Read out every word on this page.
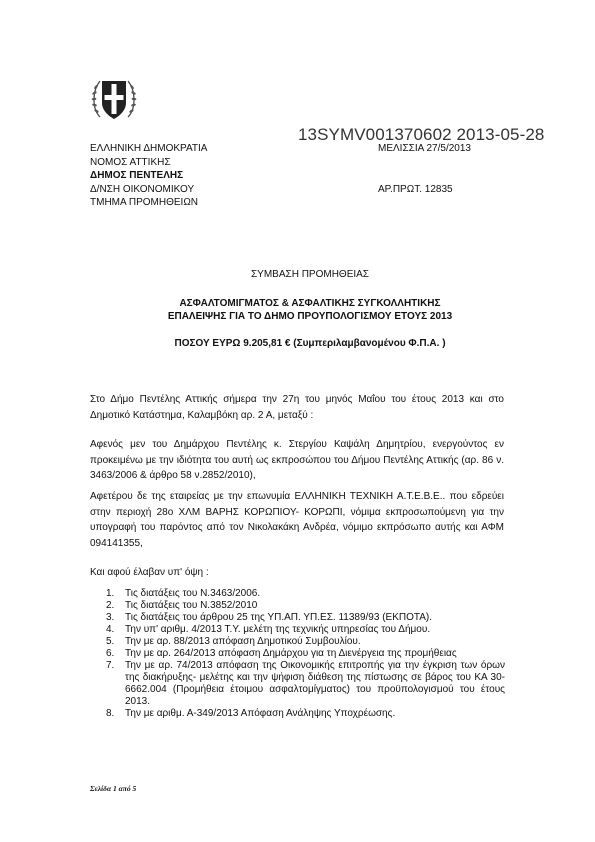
13SYMV001370602 2013-05-28
ΕΛΛΗΝΙΚΗ ΔΗΜΟΚΡΑΤΙΑ
ΝΟΜΟΣ ΑΤΤΙΚΗΣ
ΔΗΜΟΣ ΠΕΝΤΕΛΗΣ
Δ/ΝΣΗ ΟΙΚΟΝΟΜΙΚΟΥ
ΤΜΗΜΑ ΠΡΟΜΗΘΕΙΩΝ
ΜΕΛΙΣΣΙΑ 27/5/2013
ΑΡ.ΠΡΩΤ. 12835
ΣΥΜΒΑΣΗ ΠΡΟΜΗΘΕΙΑΣ
ΑΣΦΑΛΤΟΜΙΓΜΑΤΟΣ & ΑΣΦΑΛΤΙΚΗΣ ΣΥΓΚΟΛΛΗΤΙΚΗΣ
ΕΠΑΛΕΙΨΗΣ ΓΙΑ ΤΟ ΔΗΜΟ ΠΡΟΥΠΟΛΟΓΙΣΜΟΥ ΕΤΟΥΣ 2013
ΠΟΣΟΥ ΕΥΡΩ 9.205,81 € (Συμπεριλαμβανομένου Φ.Π.Α. )
Στο Δήμο Πεντέλης Αττικής σήμερα την 27η του μηνός Μαΐου του έτους 2013 και στο Δημοτικό Κατάστημα, Καλαμβόκη αρ. 2 Α, μεταξύ :
Αφενός μεν του Δημάρχου Πεντέλης κ. Στεργίου Καψάλη Δημητρίου, ενεργούντος εν προκειμένω με την ιδιότητα του αυτή ως εκπροσώπου του Δήμου Πεντέλης Αττικής (αρ. 86 ν. 3463/2006 & άρθρο 58 ν.2852/2010),
Αφετέρου δε της εταιρείας με την επωνυμία ΕΛΛΗΝΙΚΗ ΤΕΧΝΙΚΗ Α.Τ.Ε.Β.Ε.. που εδρεύει στην περιοχή 28ο ΧΛΜ ΒΑΡΗΣ ΚΟΡΩΠΙΟΥ- ΚΟΡΩΠΙ, νόμιμα εκπροσωπούμενη για την υπογραφή του παρόντος από τον Νικολακάκη Ανδρέα, νόμιμο εκπρόσωπο αυτής και ΑΦΜ 094141355,
Και αφού έλαβαν υπ' όψη :
1.	Τις διατάξεις του Ν.3463/2006.
2.	Τις διατάξεις του Ν.3852/2010
3.	Τις διατάξεις του άρθρου 25 της ΥΠ.ΑΠ. ΥΠ.ΕΣ. 11389/93 (ΕΚΠΟΤΑ).
4.	Την υπ' αριθμ. 4/2013 Τ.Υ. μελέτη της τεχνικής υπηρεσίας του Δήμου.
5.	Την με αρ. 88/2013 απόφαση Δημοτικού Συμβουλίου.
6.	Την με αρ. 264/2013 απόφαση Δημάρχου για τη Διενέργεια της προμήθειας
7.	Την με αρ. 74/2013 απόφαση της Οικονομικής επιτροπής για την έγκριση των όρων της διακήρυξης- μελέτης και την ψήφιση διάθεση της πίστωσης σε βάρος του ΚΑ 30-6662.004 (Προμήθεια έτοιμου ασφαλτομίγματος) του προϋπολογισμού του έτους 2013.
8.	Την με αριθμ. Α-349/2013 Απόφαση Ανάληψης Υποχρέωσης.
Σελίδα 1 από 5
